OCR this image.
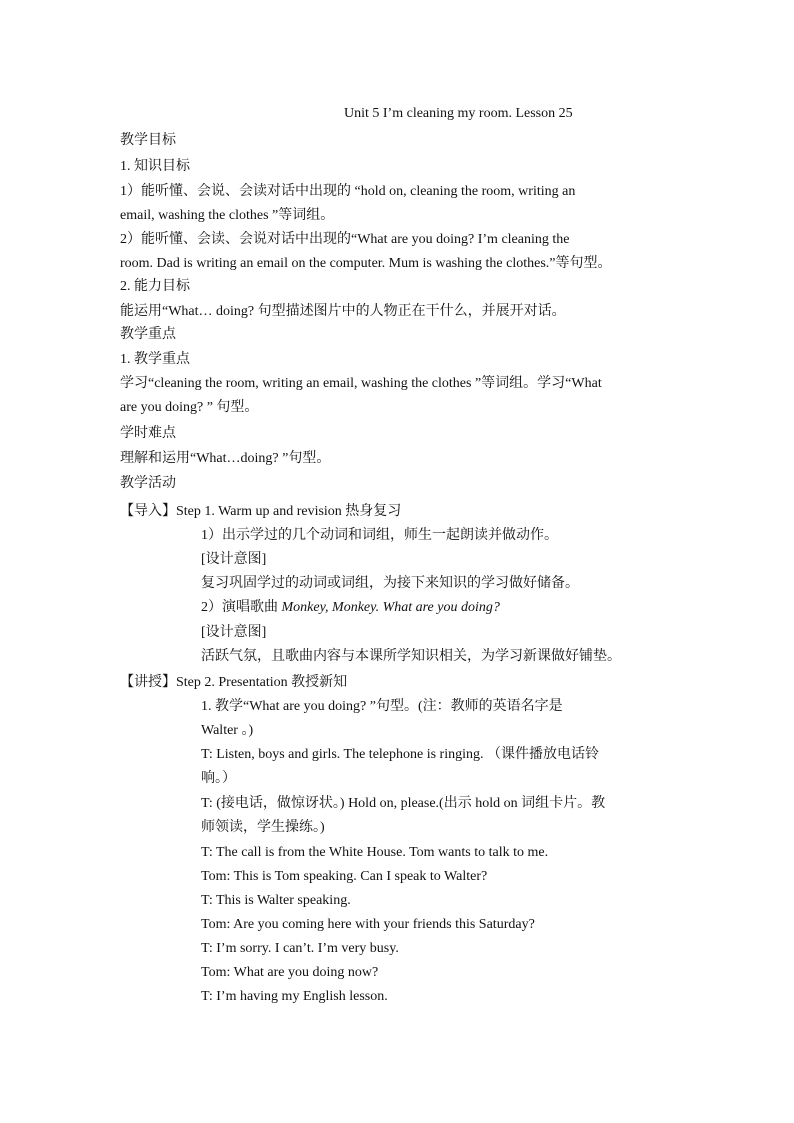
Unit 5 I’m cleaning my room. Lesson 25
教学目标
1. 知识目标
1）能听懂、会说、会读对话中出现的 “hold on, cleaning the room, writing an
email, washing the clothes ”等词组。
2）能听懂、会读、会说对话中出现的“What are you doing? I’m cleaning the
room. Dad is writing an email on the computer. Mum is washing the clothes.”等句型。
2. 能力目标
能运用“What… doing? 句型描述图片中的人物正在干什么，并展开对话。
教学重点
1. 教学重点
学习“cleaning the room, writing an email, washing the clothes ”等词组。学习“What
are you doing? ” 句型。
学时难点
理解和运用“What…doing? ”句型。
教学活动
【导入】Step 1. Warm up and revision 热身复习
1）出示学过的几个动词和词组，师生一起朗读并做动作。
[设计意图]
复习巩固学过的动词或词组，为接下来知识的学习做好储备。
2）演唱歌曲 Monkey, Monkey. What are you doing?
[设计意图]
活跃气氛，且歌曲内容与本课所学知识相关，为学习新课做好铺垫。
【讲授】Step 2. Presentation 教授新知
1. 教学“What are you doing? ”句型。(注：教师的英语名字是
Walter 。)
T: Listen, boys and girls. The telephone is ringing. （课件播放电话铃
响。）
T: (接电话，做惊讶状。) Hold on, please.(出示 hold on 词组卡片。教
师领读，学生操练。)
T: The call is from the White House. Tom wants to talk to me.
Tom: This is Tom speaking. Can I speak to Walter?
T: This is Walter speaking.
Tom: Are you coming here with your friends this Saturday?
T: I’m sorry. I can’t. I’m very busy.
Tom: What are you doing now?
T: I’m having my English lesson.
